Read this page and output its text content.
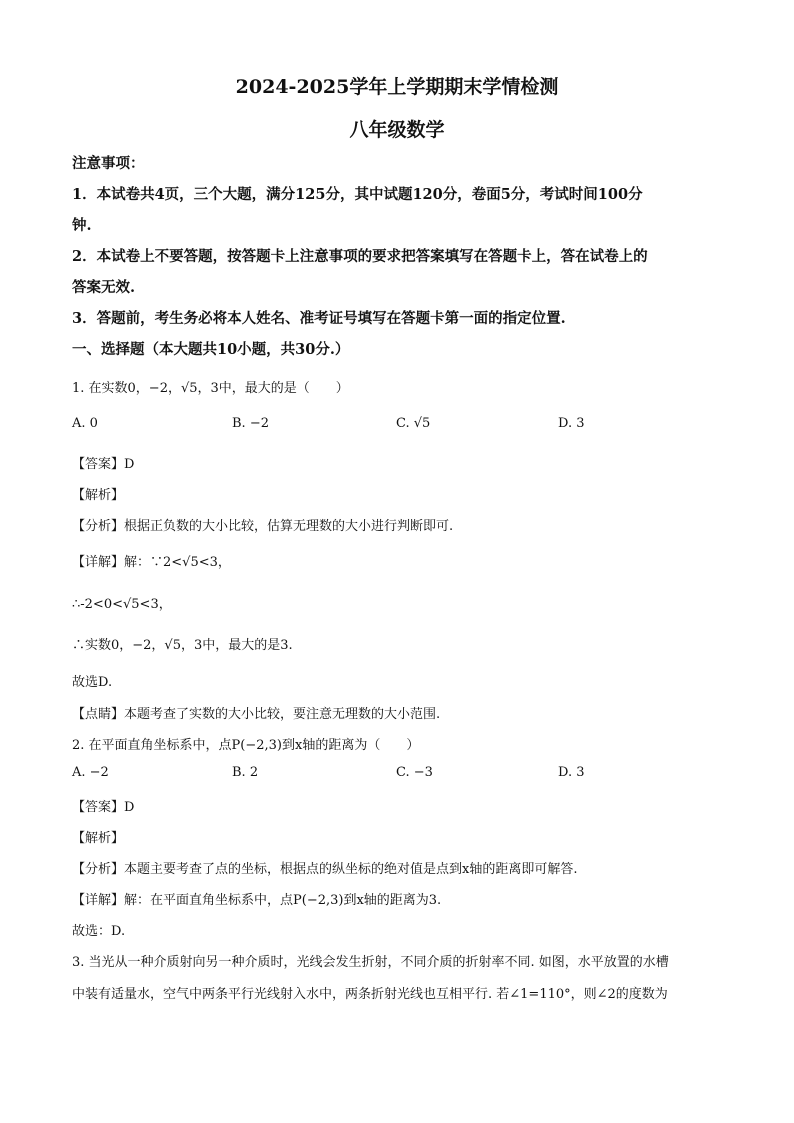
2024-2025学年上学期期末学情检测
八年级数学
注意事项：
1．本试卷共4页，三个大题，满分125分，其中试题120分，卷面5分，考试时间100分
钟.
2．本试卷上不要答题，按答题卡上注意事项的要求把答案填写在答题卡上，答在试卷上的
答案无效.
3．答题前，考生务必将本人姓名、准考证号填写在答题卡第一面的指定位置.
一、选择题（本大题共10小题，共30分.）
1. 在实数0，−2，√5，3中，最大的是（　　）
A. 0	B. −2	C. √5	D. 3
【答案】D
【解析】
【分析】根据正负数的大小比较，估算无理数的大小进行判断即可.
【详解】解：∵2<√5<3，
∴-2<0<√5<3，
∴实数0，−2，√5，3中，最大的是3.
故选D.
【点睛】本题考查了实数的大小比较，要注意无理数的大小范围.
2. 在平面直角坐标系中，点P(−2,3)到x轴的距离为（　　）
A. −2	B. 2	C. −3	D. 3
【答案】D
【解析】
【分析】本题主要考查了点的坐标，根据点的纵坐标的绝对值是点到x轴的距离即可解答.
【详解】解：在平面直角坐标系中，点P(−2,3)到x轴的距离为3.
故选：D.
3. 当光从一种介质射向另一种介质时，光线会发生折射，不同介质的折射率不同. 如图，水平放置的水槽
中装有适量水，空气中两条平行光线射入水中，两条折射光线也互相平行. 若∠1=110°，则∠2的度数为
